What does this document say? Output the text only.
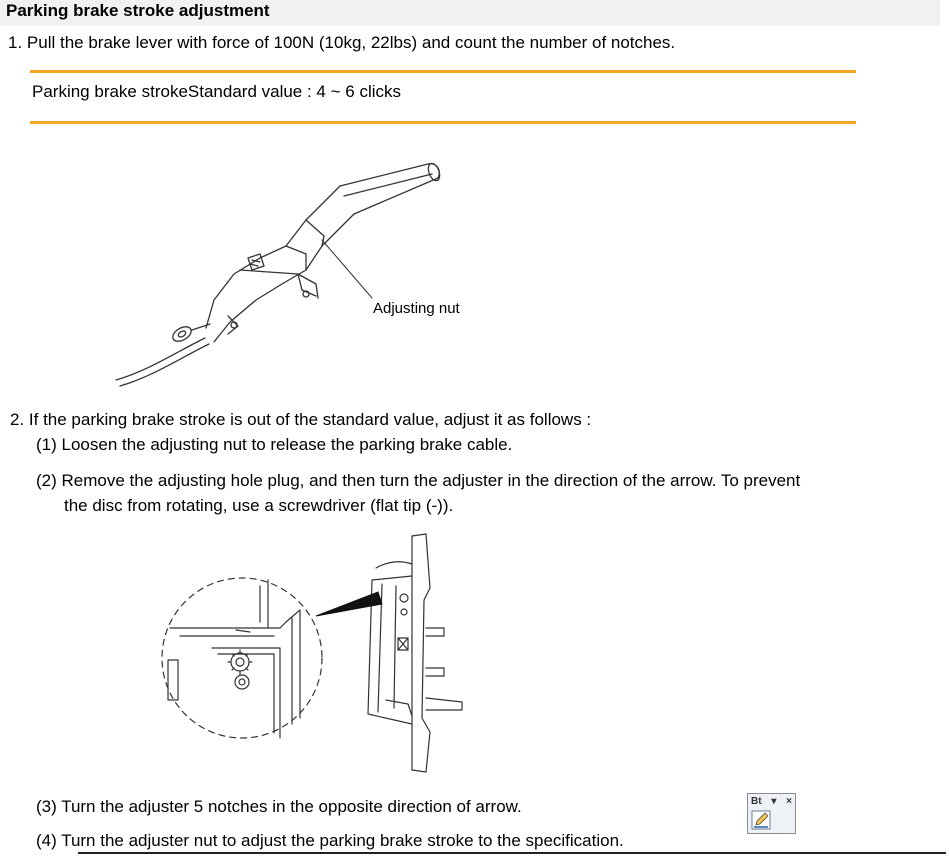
Parking brake stroke adjustment
1. Pull the brake lever with force of 100N (10kg, 22lbs) and count the number of notches.
Parking brake strokeStandard value : 4 ~ 6 clicks
Adjusting nut
2. If the parking brake stroke is out of the standard value, adjust it as follows :
(1) Loosen the adjusting nut to release the parking brake cable.
(2) Remove the adjusting hole plug, and then turn the adjuster in the direction of the arrow. To prevent
the disc from rotating, use a screwdriver (flat tip (-)).
(3) Turn the adjuster 5 notches in the opposite direction of arrow.
(4) Turn the adjuster nut to adjust the parking brake stroke to the specification.
Bt ▾ ×
